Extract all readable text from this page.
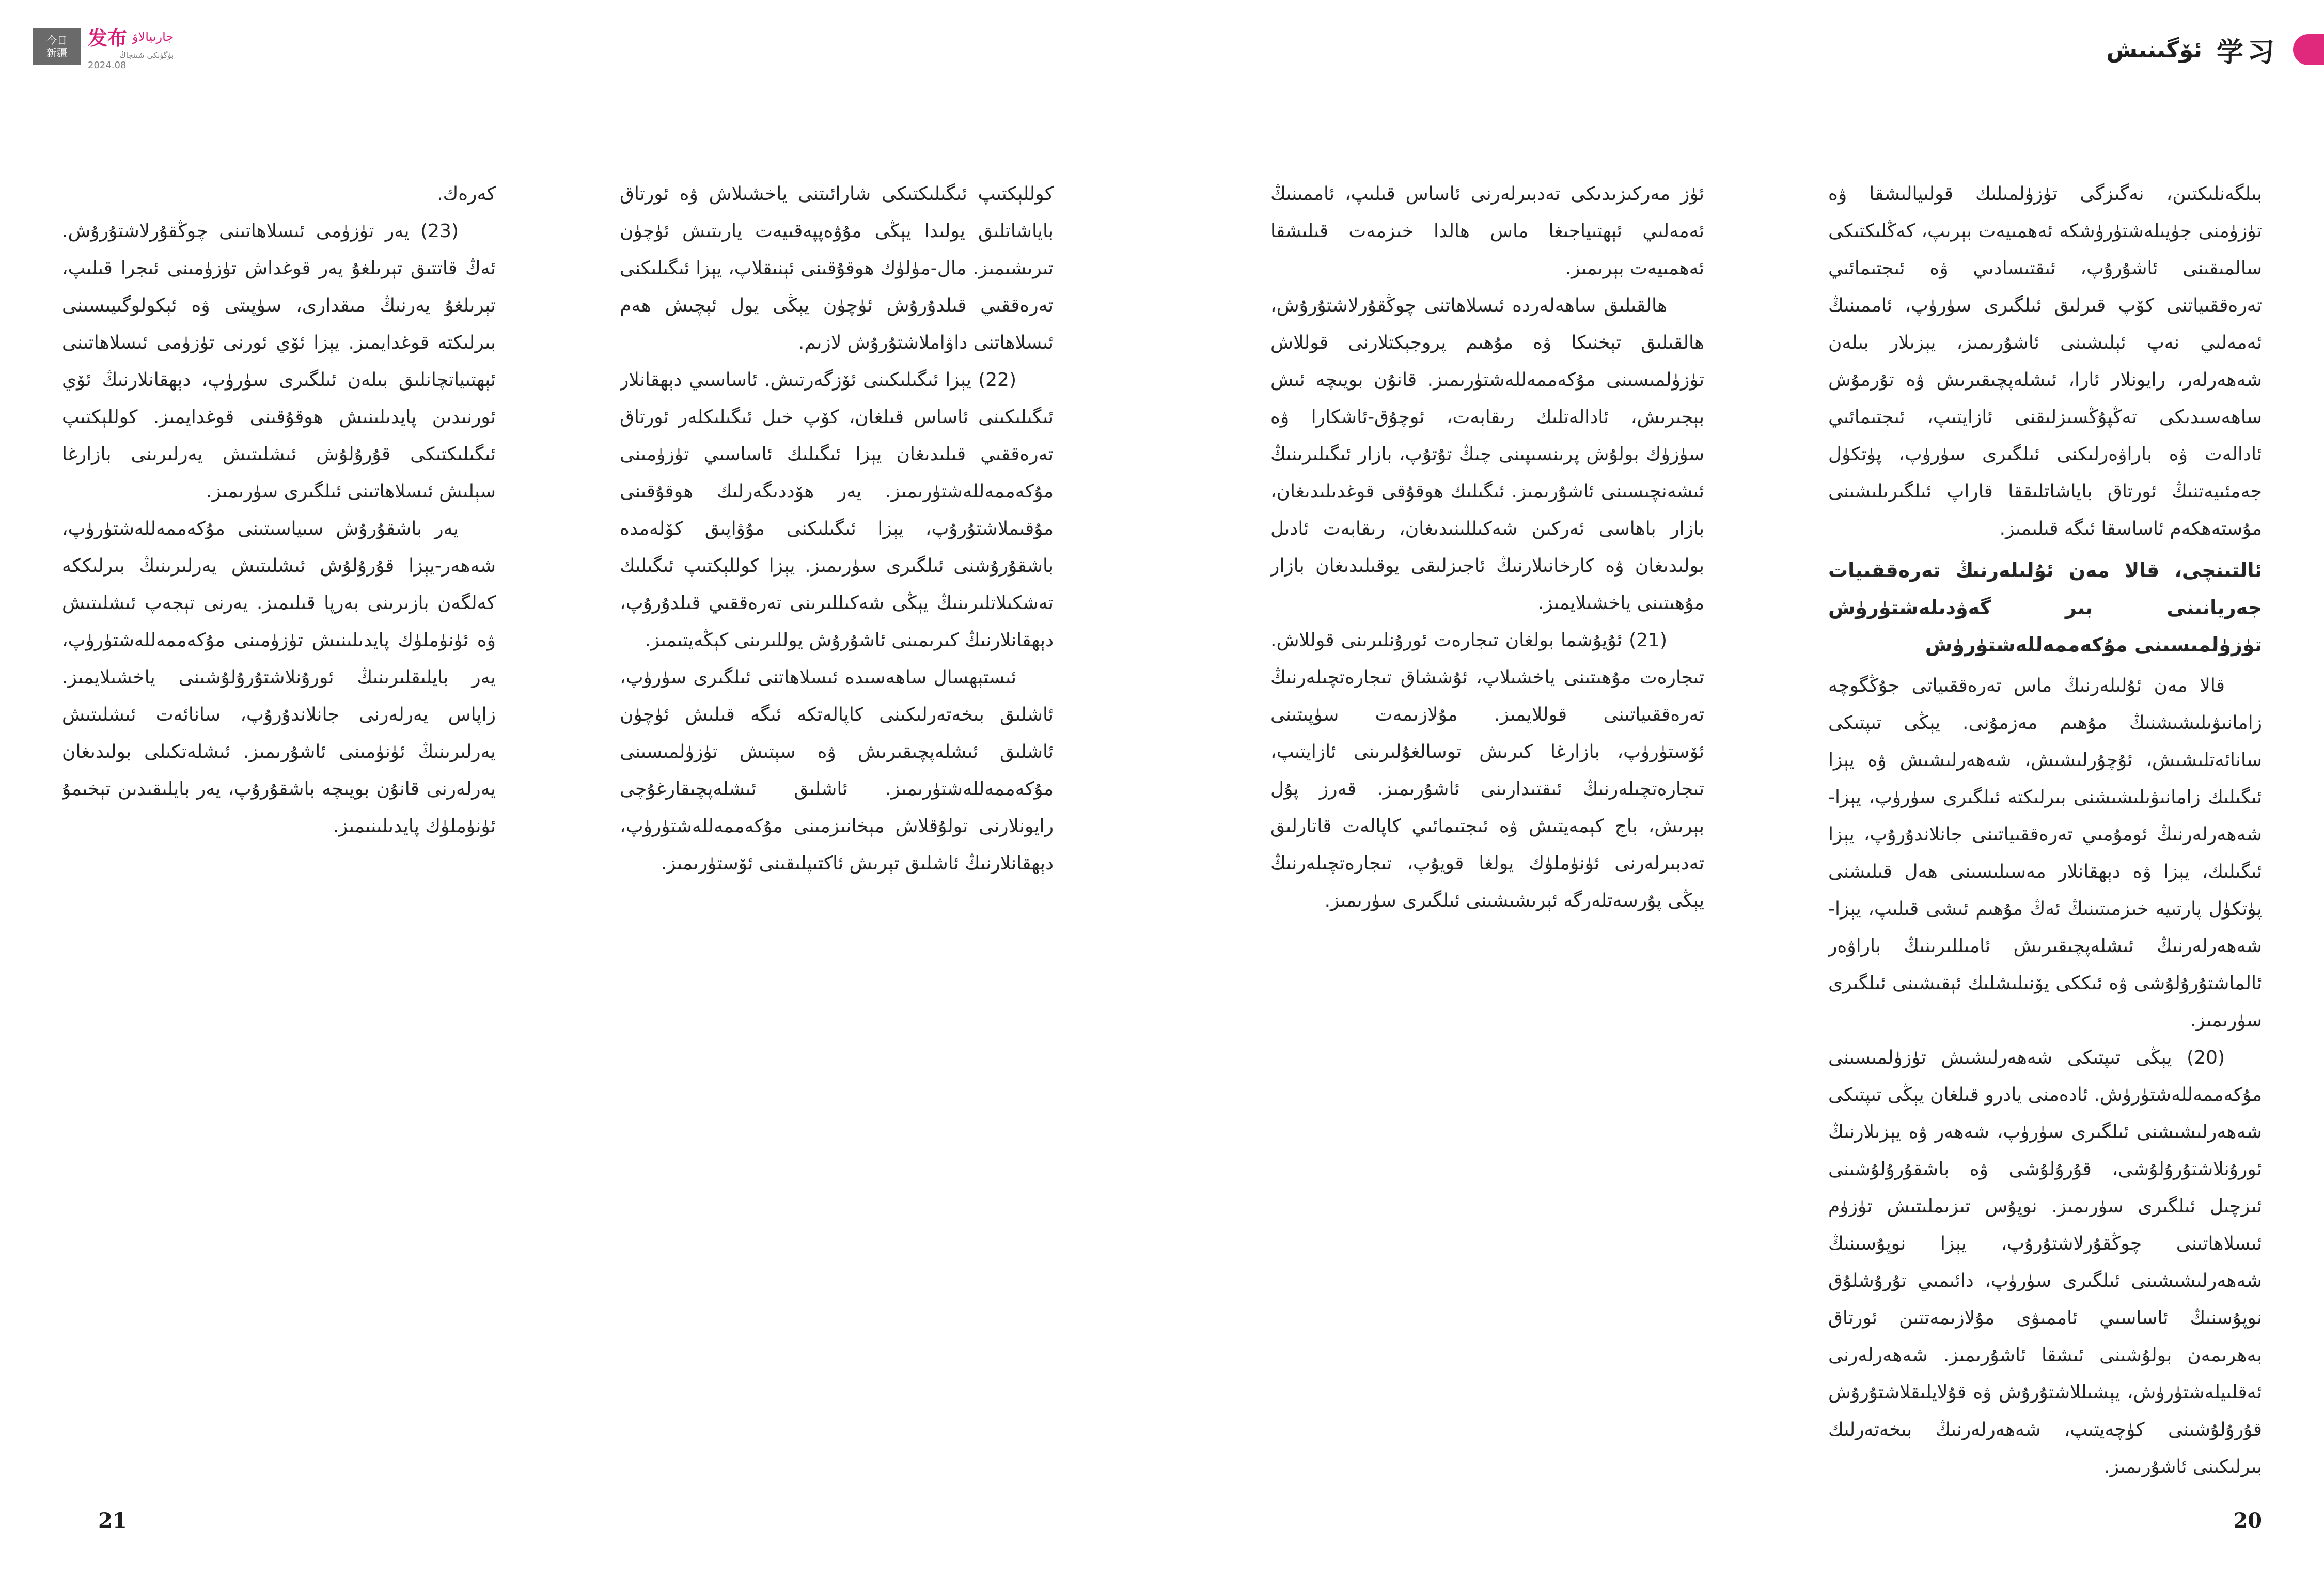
今日
新疆
发布 جارىيالاۋ
بۈگۈنكى شىنجاڭ
2024.08
ئۆگىنىش 学习

بىلگەنلىكتىن، نەگىزگى تۈزۈلمىلىك قولىيالىشقا ۋە تۈزۈمنى جۈيىلەشتۈرۈشكە ئەھمىيەت بېرىپ، كەڭلىكتىكى سالمىقىنى ئاشۇرۇپ، ئىقتىسادىي ۋە ئىجتىمائىي تەرەققىياتنى كۆپ قىرلىق ئىلگىرى سۈرۈپ، ئاممىنىڭ ئەمەلىي نەپ ئېلىشىنى ئاشۇرىمىز، يېزىلار بىلەن شەھەرلەر، رايونلار ئارا، ئىشلەپچىقىرىش ۋە تۇرمۇش ساھەسىدىكى تەڭپۇڭسىزلىقنى ئازايتىپ، ئىجتىمائىي ئادالەت ۋە باراۋەرلىكنى ئىلگىرى سۈرۈپ، پۈتكۈل جەمئىيەتنىڭ ئورتاق باياشاتلىققا قاراپ ئىلگىرىلىشىنى مۇستەھكەم ئاساسقا ئىگە قىلىمىز.

ئالتىنچى، قالا مەن ئۇلىلەرنىڭ تەرەققىيات جەريانىنى بىر گەۋدىلەشتۈرۈش تۈزۈلمىسىنى مۇكەممەللەشتۈرۈش

قالا مەن ئۇلىلەرنىڭ ماس تەرەققىياتى جۇڭگوچە زامانىۋىلىشىشنىڭ مۇھىم مەزمۇنى. يېڭى تىپتىكى سانائەتلىشىش، ئۇچۇرلىشىش، شەھەرلىشىش ۋە يېزا ئىگىلىك زامانىۋىلىشىشنى بىرلىكتە ئىلگىرى سۈرۈپ، يېزا-شەھەرلەرنىڭ ئومۇمىي تەرەققىياتىنى جانلاندۇرۇپ، يېزا ئىگىلىك، يېزا ۋە دېھقانلار مەسىلىسىنى ھەل قىلىشنى پۈتكۈل پارتىيە خىزمىتىنىڭ ئەڭ مۇھىم ئىشى قىلىپ، يېزا-شەھەرلەرنىڭ ئىشلەپچىقىرىش ئامىللىرىنىڭ باراۋەر ئالماشتۇرۇلۇشى ۋە ئىككى يۆنىلىشلىك ئېقىشىنى ئىلگىرى سۈرىمىز.

(20) يېڭى تىپتىكى شەھەرلىشىش تۈزۈلمىسىنى مۇكەممەللەشتۈرۈش. ئادەمنى يادرو قىلغان يېڭى تىپتىكى شەھەرلىشىشنى ئىلگىرى سۈرۈپ، شەھەر ۋە يېزىلارنىڭ ئورۇنلاشتۇرۇلۇشى، قۇرۇلۇشى ۋە باشقۇرۇلۇشىنى ئىزچىل ئىلگىرى سۈرىمىز. نوپۇس تىزىملىتىش تۈزۈم ئىسلاھاتىنى چوڭقۇرلاشتۇرۇپ، يېزا نوپۇسىنىڭ شەھەرلىشىشىنى ئىلگىرى سۈرۈپ، دائىمىي تۇرۇشلۇق نوپۇسنىڭ ئاساسىي ئاممىۋى مۇلازىمەتتىن ئورتاق بەھرىمەن بولۇشىنى ئىشقا ئاشۇرىمىز. شەھەرلەرنى ئەقلىيلەشتۈرۈش، يېشىللاشتۇرۇش ۋە قۇلايلىقلاشتۇرۇش قۇرۇلۇشىنى كۈچەيتىپ، شەھەرلەرنىڭ بىخەتەرلىك بىرلىكىنى ئاشۇرىمىز.

ئۈز مەركىزىدىكى تەدبىرلەرنى ئاساس قىلىپ، ئاممىنىڭ ئەمەلىي ئېھتىياجىغا ماس ھالدا خىزمەت قىلىشقا ئەھمىيەت بېرىمىز.

ھالقىلىق ساھەلەردە ئىسلاھاتنى چوڭقۇرلاشتۇرۇش، ھالقىلىق تېخنىكا ۋە مۇھىم پروجېكتلارنى قوللاش تۈزۈلمىسىنى مۇكەممەللەشتۈرىمىز. قانۇن بويىچە ئىش بېجىرىش، ئادالەتلىك رىقابەت، ئوچۇق-ئاشكارا ۋە سۈزۈك بولۇش پرىنسىپىنى چىڭ تۇتۇپ، بازار ئىگىلىرىنىڭ ئىشەنچىسىنى ئاشۇرىمىز. ئىگىلىك ھوقۇقى قوغدىلىدىغان، بازار باھاسى ئەركىن شەكىللىنىدىغان، رىقابەت ئادىل بولىدىغان ۋە كارخانىلارنىڭ ئاجىزلىقى يوقىلىدىغان بازار مۇھىتىنى ياخشىلايمىز.

(21) ئۇيۇشما بولغان تىجارەت ئورۇنلىرىنى قوللاش. تىجارەت مۇھىتىنى ياخشىلاپ، ئۇششاق تىجارەتچىلەرنىڭ تەرەققىياتىنى قوللايمىز. مۇلازىمەت سۈپىتىنى ئۆستۈرۈپ، بازارغا كىرىش توسالغۇلىرىنى ئازايتىپ، تىجارەتچىلەرنىڭ ئىقتىدارىنى ئاشۇرىمىز. قەرز پۇل بېرىش، باج كېمەيتىش ۋە ئىجتىمائىي كاپالەت قاتارلىق تەدبىرلەرنى ئۈنۈملۈك يولغا قويۇپ، تىجارەتچىلەرنىڭ يېڭى پۇرسەتلەرگە ئېرىشىشىنى ئىلگىرى سۈرىمىز.

كوللېكتىپ ئىگىلىكتىكى شارائىتنى ياخشىلاش ۋە ئورتاق باياشاتلىق يولىدا يېڭى مۇۋەپپەقىيەت يارىتىش ئۈچۈن تىرىشىمىز. مال-مۈلۈك ھوقۇقىنى ئېنىقلاپ، يېزا ئىگىلىكنى تەرەققىي قىلدۇرۇش ئۈچۈن يېڭى يول ئېچىش ھەم ئىسلاھاتنى داۋاملاشتۇرۇش لازىم.

(22) يېزا ئىگىلىكىنى ئۆزگەرتىش. ئاساسىي دېھقانلار ئىگىلىكىنى ئاساس قىلغان، كۆپ خىل ئىگىلىكلەر ئورتاق تەرەققىي قىلىدىغان يېزا ئىگىلىك ئاساسىي تۈزۈمىنى مۇكەممەللەشتۈرىمىز. يەر ھۆددىگەرلىك ھوقۇقىنى مۇقىملاشتۇرۇپ، يېزا ئىگىلىكنى مۇۋاپىق كۆلەمدە باشقۇرۇشنى ئىلگىرى سۈرىمىز. يېزا كوللېكتىپ ئىگىلىك تەشكىلاتلىرىنىڭ يېڭى شەكىللىرىنى تەرەققىي قىلدۇرۇپ، دېھقانلارنىڭ كىرىمىنى ئاشۇرۇش يوللىرىنى كېڭەيتىمىز.

ئىستېھسال ساھەسىدە ئىسلاھاتنى ئىلگىرى سۈرۈپ، ئاشلىق بىخەتەرلىكىنى كاپالەتكە ئىگە قىلىش ئۈچۈن ئاشلىق ئىشلەپچىقىرىش ۋە سېتىش تۈزۈلمىسىنى مۇكەممەللەشتۈرىمىز. ئاشلىق ئىشلەپچىقارغۇچى رايونلارنى تولۇقلاش مېخانىزمىنى مۇكەممەللەشتۈرۈپ، دېھقانلارنىڭ ئاشلىق تېرىش ئاكتىپلىقىنى ئۆستۈرىمىز.

كەرەك.

(23) يەر تۈزۈمى ئىسلاھاتىنى چوڭقۇرلاشتۇرۇش. ئەڭ قاتتىق تېرىلغۇ يەر قوغداش تۈزۈمىنى ئىجرا قىلىپ، تېرىلغۇ يەرنىڭ مىقدارى، سۈپىتى ۋە ئېكولوگىيىسىنى بىرلىكتە قوغدايمىز. يېزا ئۆي ئورنى تۈزۈمى ئىسلاھاتىنى ئېھتىياتچانلىق بىلەن ئىلگىرى سۈرۈپ، دېھقانلارنىڭ ئۆي ئورنىدىن پايدىلىنىش ھوقۇقىنى قوغدايمىز. كوللېكتىپ ئىگىلىكتىكى قۇرۇلۇش ئىشلىتىش يەرلىرىنى بازارغا سېلىش ئىسلاھاتىنى ئىلگىرى سۈرىمىز.

يەر باشقۇرۇش سىياسىتىنى مۇكەممەللەشتۈرۈپ، شەھەر-يېزا قۇرۇلۇش ئىشلىتىش يەرلىرىنىڭ بىرلىككە كەلگەن بازىرىنى بەرپا قىلىمىز. يەرنى تېجەپ ئىشلىتىش ۋە ئۈنۈملۈك پايدىلىنىش تۈزۈمىنى مۇكەممەللەشتۈرۈپ، يەر بايلىقلىرىنىڭ ئورۇنلاشتۇرۇلۇشىنى ياخشىلايمىز. زاپاس يەرلەرنى جانلاندۇرۇپ، سانائەت ئىشلىتىش يەرلىرىنىڭ ئۈنۈمىنى ئاشۇرىمىز. ئىشلەتكىلى بولىدىغان يەرلەرنى قانۇن بويىچە باشقۇرۇپ، يەر بايلىقىدىن تېخىمۇ ئۈنۈملۈك پايدىلىنىمىز.

21	20
